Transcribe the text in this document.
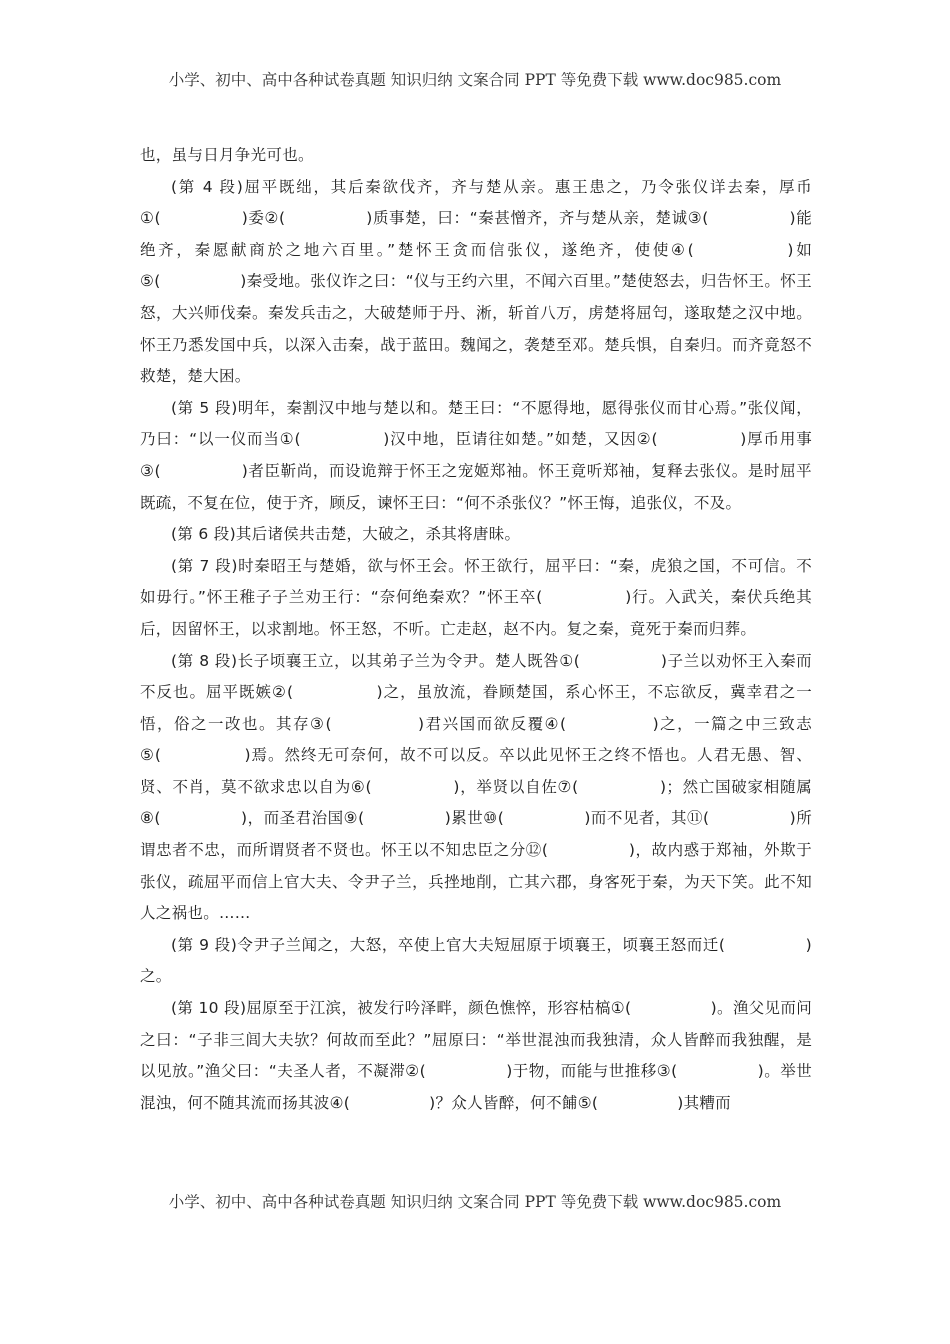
小学、初中、高中各种试卷真题 知识归纳 文案合同 PPT 等免费下载 www.doc985.com

也，虽与日月争光可也。

(第 4 段)屈平既绌，其后秦欲伐齐，齐与楚从亲。惠王患之，乃令张仪详去秦，厚币①(　　　　　)委②(　　　　　)质事楚，曰：“秦甚憎齐，齐与楚从亲，楚诚③(　　　　　)能绝齐，秦愿献商於之地六百里。”楚怀王贪而信张仪，遂绝齐，使使④(　　　　　)如⑤(　　　　　)秦受地。张仪诈之曰：“仪与王约六里，不闻六百里。”楚使怒去，归告怀王。怀王怒，大兴师伐秦。秦发兵击之，大破楚师于丹、淅，斩首八万，虏楚将屈匄，遂取楚之汉中地。怀王乃悉发国中兵，以深入击秦，战于蓝田。魏闻之，袭楚至邓。楚兵惧，自秦归。而齐竟怒不救楚，楚大困。

(第 5 段)明年，秦割汉中地与楚以和。楚王曰：“不愿得地，愿得张仪而甘心焉。”张仪闻，乃曰：“以一仪而当①(　　　　　)汉中地，臣请往如楚。”如楚，又因②(　　　　　)厚币用事③(　　　　　)者臣靳尚，而设诡辩于怀王之宠姬郑袖。怀王竟听郑袖，复释去张仪。是时屈平既疏，不复在位，使于齐，顾反，谏怀王曰：“何不杀张仪？”怀王悔，追张仪，不及。

(第 6 段)其后诸侯共击楚，大破之，杀其将唐昧。

(第 7 段)时秦昭王与楚婚，欲与怀王会。怀王欲行，屈平曰：“秦，虎狼之国，不可信。不如毋行。”怀王稚子子兰劝王行：“奈何绝秦欢？”怀王卒(　　　　　)行。入武关，秦伏兵绝其后，因留怀王，以求割地。怀王怒，不听。亡走赵，赵不内。复之秦，竟死于秦而归葬。

(第 8 段)长子顷襄王立，以其弟子兰为令尹。楚人既咎①(　　　　　)子兰以劝怀王入秦而不反也。屈平既嫉②(　　　　　)之，虽放流，眷顾楚国，系心怀王，不忘欲反，冀幸君之一悟，俗之一改也。其存③(　　　　　)君兴国而欲反覆④(　　　　　)之，一篇之中三致志⑤(　　　　　)焉。然终无可奈何，故不可以反。卒以此见怀王之终不悟也。人君无愚、智、贤、不肖，莫不欲求忠以自为⑥(　　　　　)，举贤以自佐⑦(　　　　　)；然亡国破家相随属⑧(　　　　　)，而圣君治国⑨(　　　　　)累世⑩(　　　　　)而不见者，其⑪(　　　　　)所谓忠者不忠，而所谓贤者不贤也。怀王以不知忠臣之分⑫(　　　　　)，故内惑于郑袖，外欺于张仪，疏屈平而信上官大夫、令尹子兰，兵挫地削，亡其六郡，身客死于秦，为天下笑。此不知人之祸也。……

(第 9 段)令尹子兰闻之，大怒，卒使上官大夫短屈原于顷襄王，顷襄王怒而迁(　　　　　)之。

(第 10 段)屈原至于江滨，被发行吟泽畔，颜色憔悴，形容枯槁①(　　　　　)。渔父见而问之曰：“子非三闾大夫欤？何故而至此？”屈原曰：“举世混浊而我独清，众人皆醉而我独醒，是以见放。”渔父曰：“夫圣人者，不凝滞②(　　　　　)于物，而能与世推移③(　　　　　)。举世混浊，何不随其流而扬其波④(　　　　　)？众人皆醉，何不餔⑤(　　　　　)其糟而

小学、初中、高中各种试卷真题 知识归纳 文案合同 PPT 等免费下载 www.doc985.com
